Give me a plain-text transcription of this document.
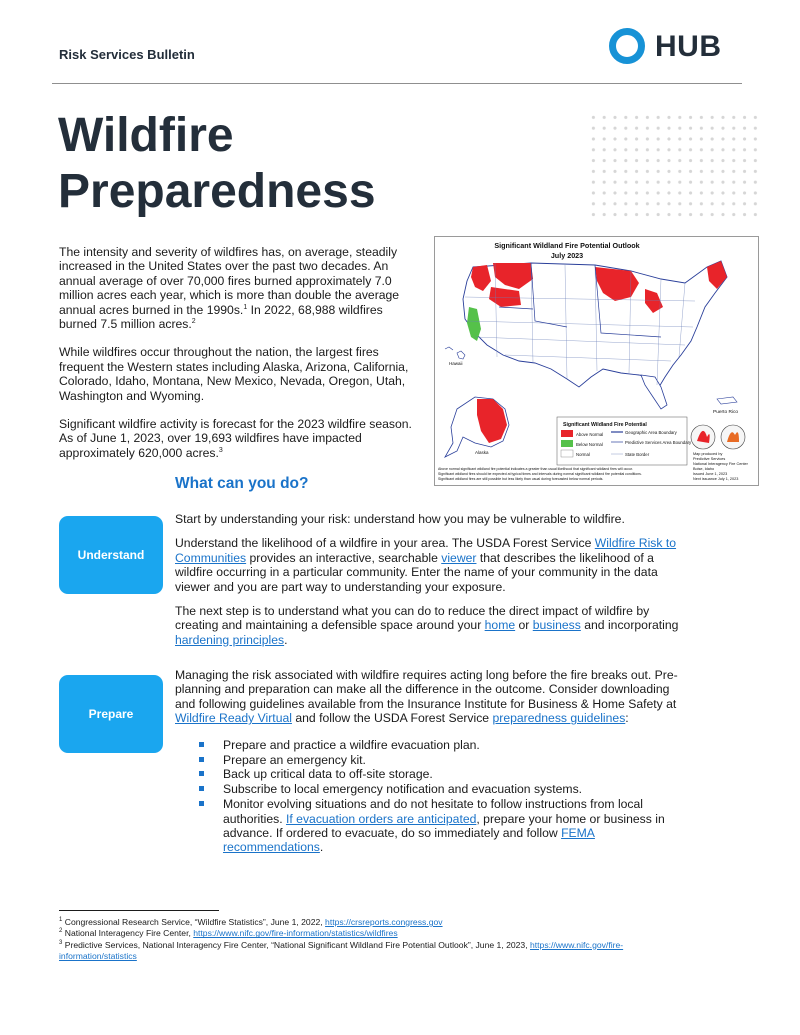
Risk Services Bulletin	HUB
Wildfire
Preparedness

The intensity and severity of wildfires has, on average, steadily increased in the United States over the past two decades. An annual average of over 70,000 fires burned approximately 7.0 million acres each year, which is more than double the average annual acres burned in the 1990s.$^1$ In 2022, 68,988 wildfires burned 7.5 million acres.$^2$

While wildfires occur throughout the nation, the largest fires frequent the Western states including Alaska, Arizona, California, Colorado, Idaho, Montana, New Mexico, Nevada, Oregon, Utah, Washington and Wyoming.

Significant wildfire activity is forecast for the 2023 wildfire season. As of June 1, 2023, over 19,693 wildfires have impacted approximately 620,000 acres.$^3$

Significant Wildland Fire Potential Outlook
July 2023
Hawaii
Alaska
Puerto Rico
Significant Wildland Fire Potential
Above Normal
Below Normal
Normal
Geographic Area Boundary
Predictive Services Area Boundary
State Border	Map produced by
Predictive Services
National Interagency Fire Center
Boise, Idaho
Issued June 1, 2023
Next issuance July 1, 2023
Above normal significant wildland fire potential indicates a greater than usual likelihood that significant wildland fires will occur.
Significant wildland fires should be expected at typical times and intervals during normal significant wildland fire potential conditions.
Significant wildland fires are still possible but less likely than usual during forecasted below normal periods.
What can you do?
Understand

Start by understanding your risk: understand how you may be vulnerable to wildfire.

Understand the likelihood of a wildfire in your area. The USDA Forest Service Wildfire Risk to Communities provides an interactive, searchable viewer that describes the likelihood of a wildfire occurring in a particular community. Enter the name of your community in the data viewer and you are part way to understanding your exposure.

The next step is to understand what you can do to reduce the direct impact of wildfire by creating and maintaining a defensible space around your home or business and incorporating hardening principles.

Prepare

Managing the risk associated with wildfire requires acting long before the fire breaks out. Pre-planning and preparation can make all the difference in the outcome. Consider downloading and following guidelines available from the Insurance Institute for Business & Home Safety at Wildfire Ready Virtual and follow the USDA Forest Service preparedness guidelines:

Prepare and practice a wildfire evacuation plan.
Prepare an emergency kit.
Back up critical data to off-site storage.
Subscribe to local emergency notification and evacuation systems.
Monitor evolving situations and do not hesitate to follow instructions from local authorities. If evacuation orders are anticipated, prepare your home or business in advance. If ordered to evacuate, do so immediately and follow FEMA recommendations.
$^1$ Congressional Research Service, “Wildfire Statistics”, June 1, 2022, https://crsreports.congress.gov
$^2$ National Interagency Fire Center, https://www.nifc.gov/fire-information/statistics/wildfires
$^3$ Predictive Services, National Interagency Fire Center, “National Significant Wildland Fire Potential Outlook”, June 1, 2023, https://www.nifc.gov/fire-information/statistics
